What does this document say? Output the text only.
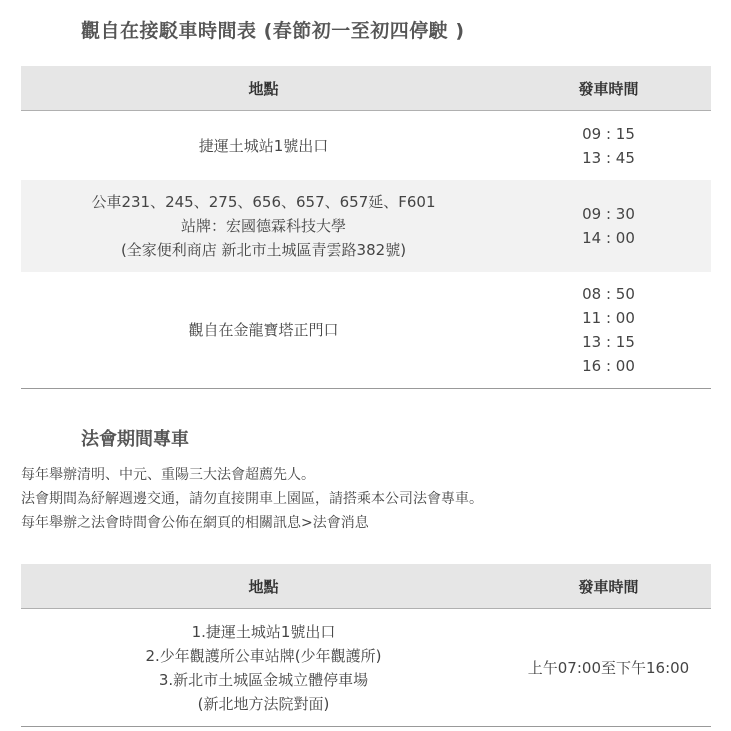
觀自在接駁車時間表 (春節初一至初四停駛 )
地點	發車時間

捷運土城站1號出口	09 : 15
13 : 45

公車231、245、275、656、657、657延、F601
站牌：宏國德霖科技大學
(全家便利商店 新北市土城區青雲路382號)	09 : 30
14 : 00

觀自在金龍寶塔正門口	08 : 50
11 : 00
13 : 15
16 : 00
法會期間專車
每年舉辦清明、中元、重陽三大法會超薦先人。
法會期間為紓解週邊交通，請勿直接開車上園區，請搭乘本公司法會專車。
每年舉辦之法會時間會公佈在網頁的相關訊息>法會消息
地點	發車時間

1.捷運土城站1號出口
2.少年觀護所公車站牌(少年觀護所)
3.新北市土城區金城立體停車場
(新北地方法院對面)	上午07:00至下午16:00
